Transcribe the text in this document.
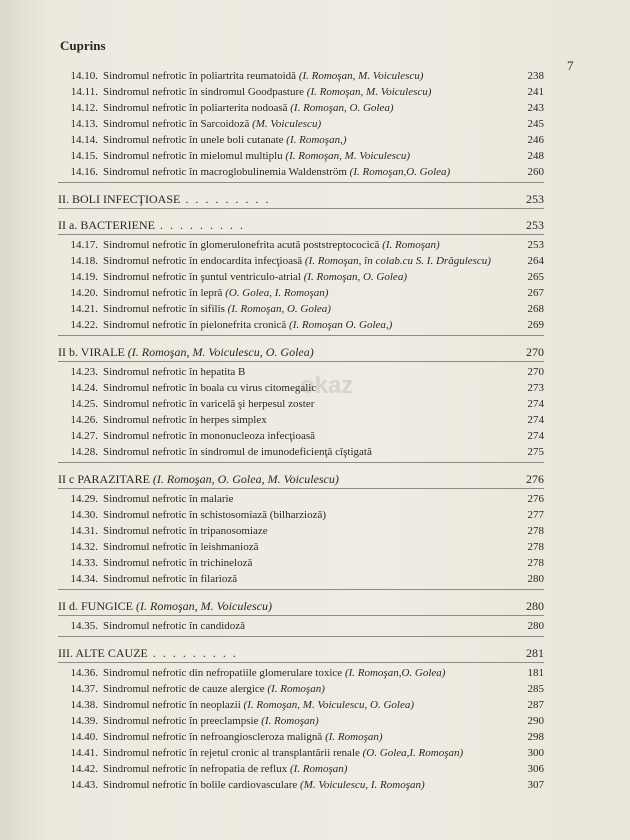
Cuprins
7
okaz
14.10. Sindromul nefrotic în poliartrita reumatoidă (I. Romoşan, M. Voiculescu)	238
14.11. Sindromul nefrotic în sindromul Goodpasture (I. Romoşan, M. Voiculescu)	241
14.12. Sindromul nefrotic în poliarterita nodoasă (I. Romoşan, O. Golea)	243
14.13. Sindromul nefrotic în Sarcoidoză (M. Voiculescu)	245
14.14. Sindromul nefrotic în unele boli cutanate (I. Romoşan,)	246
14.15. Sindromul nefrotic în mielomul multiplu (I. Romoşan, M. Voiculescu)	248
14.16. Sindromul nefrotic în macroglobulinemia Waldenström (I. Romoşan,O. Golea)	260
II. BOLI INFECŢIOASE . . . . . . . . .	253
II a. BACTERIENE . . . . . . . . .	253
14.17. Sindromul nefrotic în glomerulonefrita acută poststreptococică (I. Romoşan)	253
14.18. Sindromul nefrotic în endocardita infecţioasă (I. Romoşan, în colab.cu S. I. Drăgulescu)	264
14.19. Sindromul nefrotic în şuntul ventriculo-atrial (I. Romoşan, O. Golea)	265
14.20. Sindromul nefrotic în lepră (O. Golea, I. Romoşan)	267
14.21. Sindromul nefrotic în sifilis (I. Romoşan, O. Golea)	268
14.22. Sindromul nefrotic în pielonefrita cronică (I. Romoşan O. Golea,)	269
II b. VIRALE (I. Romoşan, M. Voiculescu, O. Golea)	270
14.23. Sindromul nefrotic în hepatita B	270
14.24. Sindromul nefrotic în boala cu virus citomegalic	273
14.25. Sindromul nefrotic în varicelă şi herpesul zoster	274
14.26. Sindromul nefrotic în herpes simplex	274
14.27. Sindromul nefrotic în mononucleoza infecţioasă	274
14.28. Sindromul nefrotic în sindromul de imunodeficienţă cîştigată	275
II c PARAZITARE (I. Romoşan, O. Golea, M. Voiculescu)	276
14.29. Sindromul nefrotic în malarie	276
14.30. Sindromul nefrotic în schistosomiază (bilharzioză)	277
14.31. Sindromul nefrotic în tripanosomiaze	278
14.32. Sindromul nefrotic în leishmanioză	278
14.33. Sindromul nefrotic în trichineloză	278
14.34. Sindromul nefrotic în filarioză	280
II d. FUNGICE (I. Romoşan, M. Voiculescu)	280
14.35. Sindromul nefrotic în candidoză	280
III. ALTE CAUZE . . . . . . . . .	281
14.36. Sindromul nefrotic din nefropatiile glomerulare toxice (I. Romoşan,O. Golea)	181
14.37. Sindromul nefrotic de cauze alergice (I. Romoşan)	285
14.38. Sindromul nefrotic în neoplazii (I. Romoşan, M. Voiculescu, O. Golea)	287
14.39. Sindromul nefrotic în preeclampsie (I. Romoşan)	290
14.40. Sindromul nefrotic în nefroangioscleroza malignă (I. Romoşan)	298
14.41. Sindromul nefrotic în rejetul cronic al transplantării renale (O. Golea,I. Romoşan)	300
14.42. Sindromul nefrotic în nefropatia de reflux (I. Romoşan)	306
14.43. Sindromul nefrotic în bolile cardiovasculare (M. Voiculescu, I. Romoşan)	307
